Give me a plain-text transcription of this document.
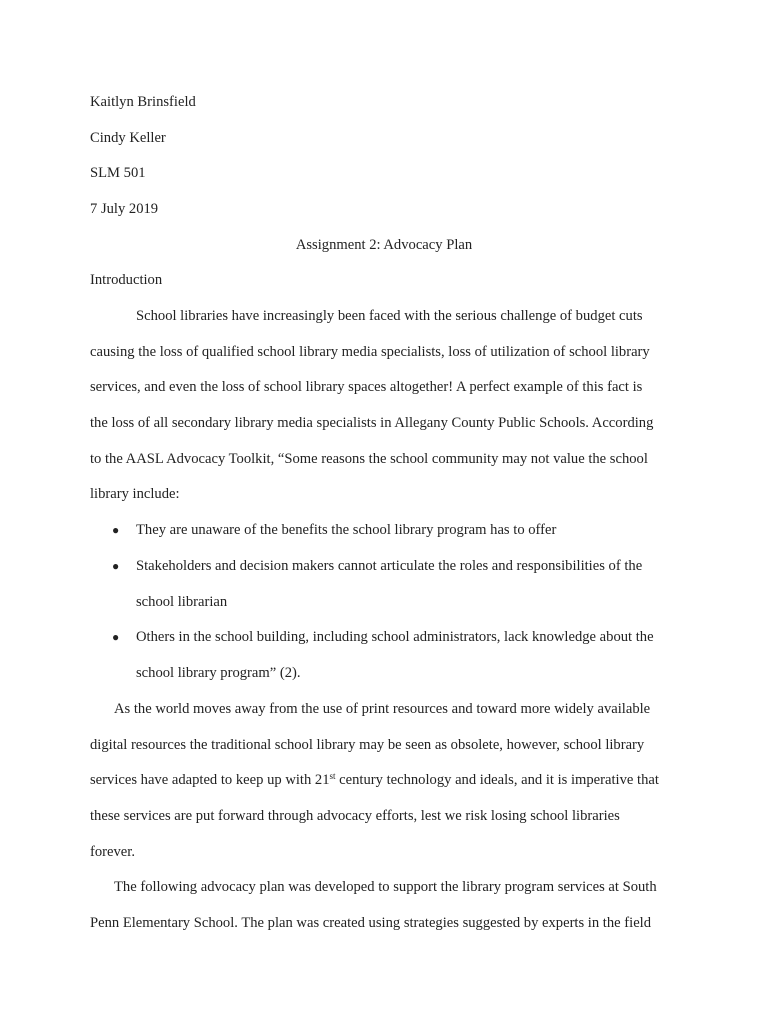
Kaitlyn Brinsfield
Cindy Keller
SLM 501
7 July 2019
Assignment 2: Advocacy Plan
Introduction
School libraries have increasingly been faced with the serious challenge of budget cuts
causing the loss of qualified school library media specialists, loss of utilization of school library
services, and even the loss of school library spaces altogether! A perfect example of this fact is
the loss of all secondary library media specialists in Allegany County Public Schools. According
to the AASL Advocacy Toolkit, “Some reasons the school community may not value the school
library include:
● They are unaware of the benefits the school library program has to offer
● Stakeholders and decision makers cannot articulate the roles and responsibilities of the
school librarian
● Others in the school building, including school administrators, lack knowledge about the
school library program” (2).
As the world moves away from the use of print resources and toward more widely available
digital resources the traditional school library may be seen as obsolete, however, school library
services have adapted to keep up with 21st century technology and ideals, and it is imperative that
these services are put forward through advocacy efforts, lest we risk losing school libraries
forever.
The following advocacy plan was developed to support the library program services at South
Penn Elementary School. The plan was created using strategies suggested by experts in the field
